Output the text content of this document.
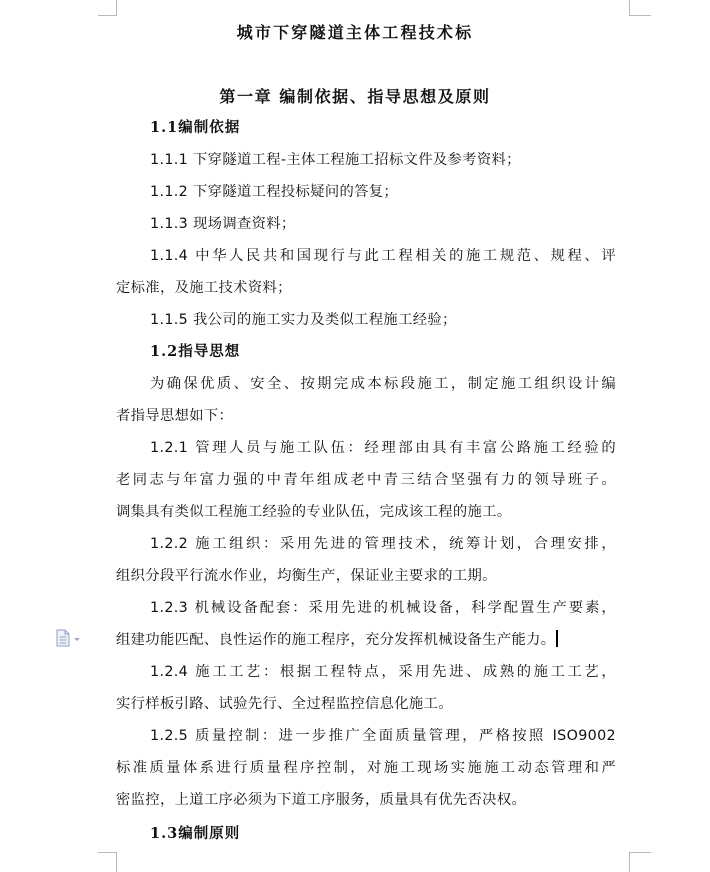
城市下穿隧道主体工程技术标
第一章 编制依据、指导思想及原则
1.1编制依据
1.1.1 下穿隧道工程-主体工程施工招标文件及参考资料；
1.1.2 下穿隧道工程投标疑问的答复；
1.1.3 现场调查资料；
1.1.4 中华人民共和国现行与此工程相关的施工规范、规程、评
定标准，及施工技术资料；
1.1.5 我公司的施工实力及类似工程施工经验；
1.2指导思想
为确保优质、安全、按期完成本标段施工，制定施工组织设计编
者指导思想如下：
1.2.1 管理人员与施工队伍：经理部由具有丰富公路施工经验的
老同志与年富力强的中青年组成老中青三结合坚强有力的领导班子。
调集具有类似工程施工经验的专业队伍，完成该工程的施工。
1.2.2 施工组织：采用先进的管理技术，统筹计划，合理安排，
组织分段平行流水作业，均衡生产，保证业主要求的工期。
1.2.3 机械设备配套：采用先进的机械设备，科学配置生产要素，
组建功能匹配、良性运作的施工程序，充分发挥机械设备生产能力。
1.2.4 施工工艺：根据工程特点，采用先进、成熟的施工工艺，
实行样板引路、试验先行、全过程监控信息化施工。
1.2.5 质量控制：进一步推广全面质量管理，严格按照 ISO9002
标准质量体系进行质量程序控制，对施工现场实施施工动态管理和严
密监控，上道工序必须为下道工序服务，质量具有优先否决权。
1.3编制原则
